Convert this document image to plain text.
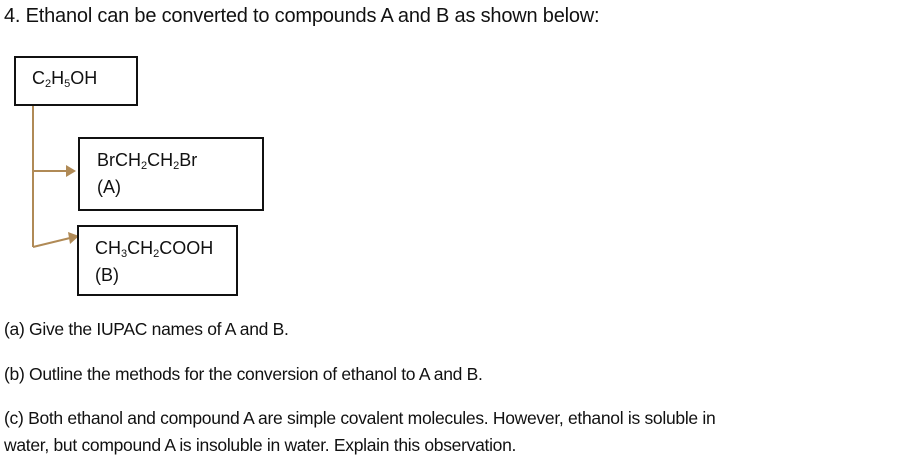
4. Ethanol can be converted to compounds A and B as shown below:
$C_2H_5OH$
$BrCH_2CH_2Br$
(A)
$CH_3CH_2COOH$
(B)
(a) Give the IUPAC names of A and B.
(b) Outline the methods for the conversion of ethanol to A and B.
(c) Both ethanol and compound A are simple covalent molecules. However, ethanol is soluble in
water, but compound A is insoluble in water. Explain this observation.
